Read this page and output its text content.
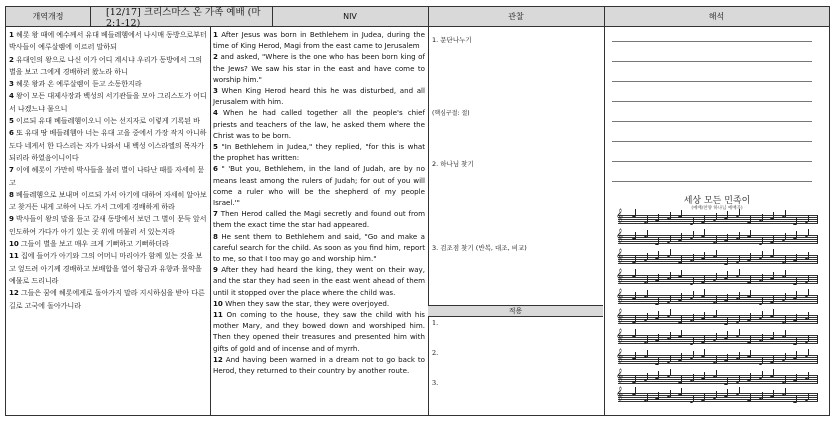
개역개정	[12/17] 크리스마스 온 가족 예배 (마2:1-12)
NIV	관찰	해석

1 헤롯 왕 때에 예수께서 유대 베들레헴에서 나시매 동방으로부터 박사들이 예루살렘에 이르러 말하되

2 유대인의 왕으로 나신 이가 어디 계시냐 우리가 동방에서 그의 별을 보고 그에게 경배하러 왔노라 하니

3 헤롯 왕과 온 예루살렘이 듣고 소동한지라

4 왕이 모든 대제사장과 백성의 서기관들을 모아 그리스도가 어디서 나겠느냐 물으니

5 이르되 유대 베들레헴이오니 이는 선지자로 이렇게 기록된 바

6 또 유대 땅 베들레헴아 너는 유대 고을 중에서 가장 작지 아니하도다 네게서 한 다스리는 자가 나와서 내 백성 이스라엘의 목자가 되리라 하였음이니이다

7 이에 헤롯이 가만히 박사들을 불러 별이 나타난 때를 자세히 묻고

8 베들레헴으로 보내며 이르되 가서 아기에 대하여 자세히 알아보고 찾거든 내게 고하여 나도 가서 그에게 경배하게 하라

9 박사들이 왕의 말을 듣고 갈새 동방에서 보던 그 별이 문득 앞서 인도하여 가다가 아기 있는 곳 위에 머물러 서 있는지라

10 그들이 별을 보고 매우 크게 기뻐하고 기뻐하더라

11 집에 들어가 아기와 그의 어머니 마리아가 함께 있는 것을 보고 엎드려 아기께 경배하고 보배합을 열어 황금과 유향과 몰약을 예물로 드리니라

12 그들은 꿈에 헤롯에게로 돌아가지 말라 지시하심을 받아 다른 길로 고국에 돌아가니라

1 After Jesus was born in Bethlehem in Judea, during the time of King Herod, Magi from the east came to Jerusalem

2 and asked, "Where is the one who has been born king of the Jews? We saw his star in the east and have come to worship him."

3 When King Herod heard this he was disturbed, and all Jerusalem with him.

4 When he had called together all the people's chief priests and teachers of the law, he asked them where the Christ was to be born.

5 "In Bethlehem in Judea," they replied, "for this is what the prophet has written:

6 " 'But you, Bethlehem, in the land of Judah, are by no means least among the rulers of Judah; for out of you will come a ruler who will be the shepherd of my people Israel.'"

7 Then Herod called the Magi secretly and found out from them the exact time the star had appeared.

8 He sent them to Bethlehem and said, "Go and make a careful search for the child. As soon as you find him, report to me, so that I too may go and worship him."

9 After they had heard the king, they went on their way, and the star they had seen in the east went ahead of them until it stopped over the place where the child was.

10 When they saw the star, they were overjoyed.

11 On coming to the house, they saw the child with his mother Mary, and they bowed down and worshiped him. Then they opened their treasures and presented him with gifts of gold and of incense and of myrrh.

12 And having been warned in a dream not to go back to Herod, they returned to their country by another route.

1. 문단나누기
(핵심구절: 절)
2. 하나님 찾기
3. 검조점 찾기 (반복, 대조, 비교)
적용
1.
2.
3.
세상 모든 민족이
(예배/찬양 하나님 예배곡)
𝄞
𝄞
𝄞
𝄞
𝄞
𝄞
𝄞
𝄞
𝄞
𝄞
